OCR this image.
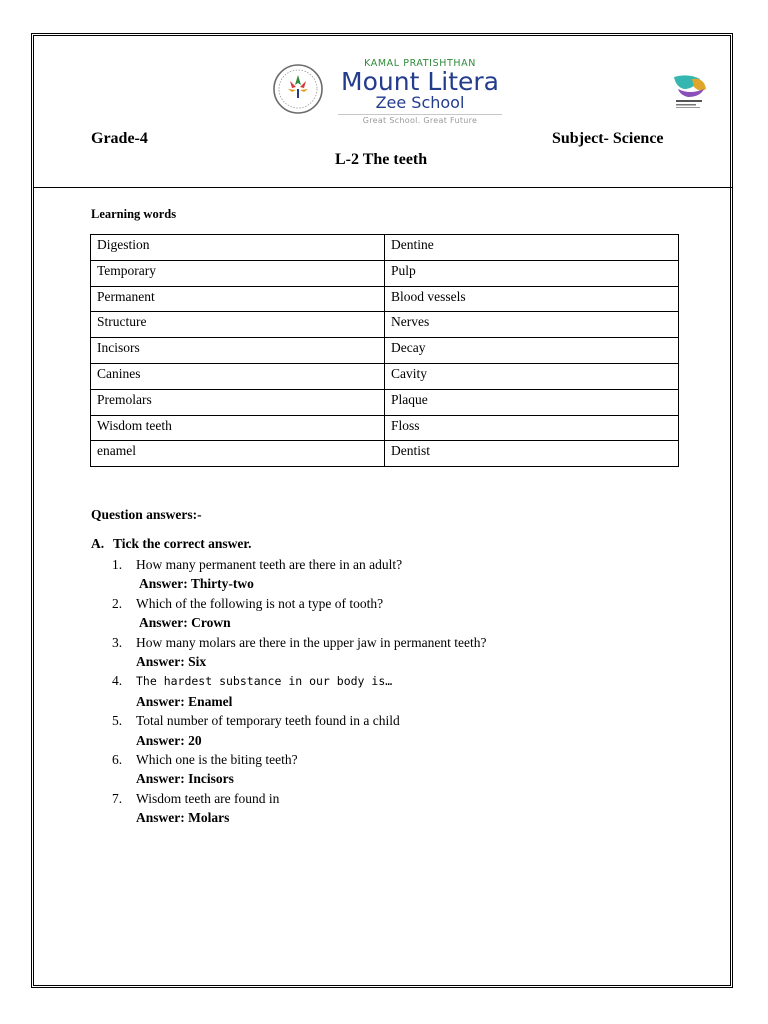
KAMAL PRATISHTHAN
Mount Litera
Zee School
Great School. Great Future
Grade-4	Subject- Science
L-2 The teeth
Learning words
Digestion	Dentine
Temporary	Pulp
Permanent	Blood vessels
Structure	Nerves
Incisors	Decay
Canines	Cavity
Premolars	Plaque
Wisdom teeth	Floss
enamel	Dentist
Question answers:-
A. Tick the correct answer.
1. How many permanent teeth are there in an adult?
Answer: Thirty-two
2. Which of the following is not a type of tooth?
Answer: Crown
3. How many molars are there in the upper jaw in permanent teeth?
Answer: Six
4. The hardest substance in our body is…
Answer: Enamel
5. Total number of temporary teeth found in a child
Answer: 20
6. Which one is the biting teeth?
Answer: Incisors
7. Wisdom teeth are found in
Answer: Molars
